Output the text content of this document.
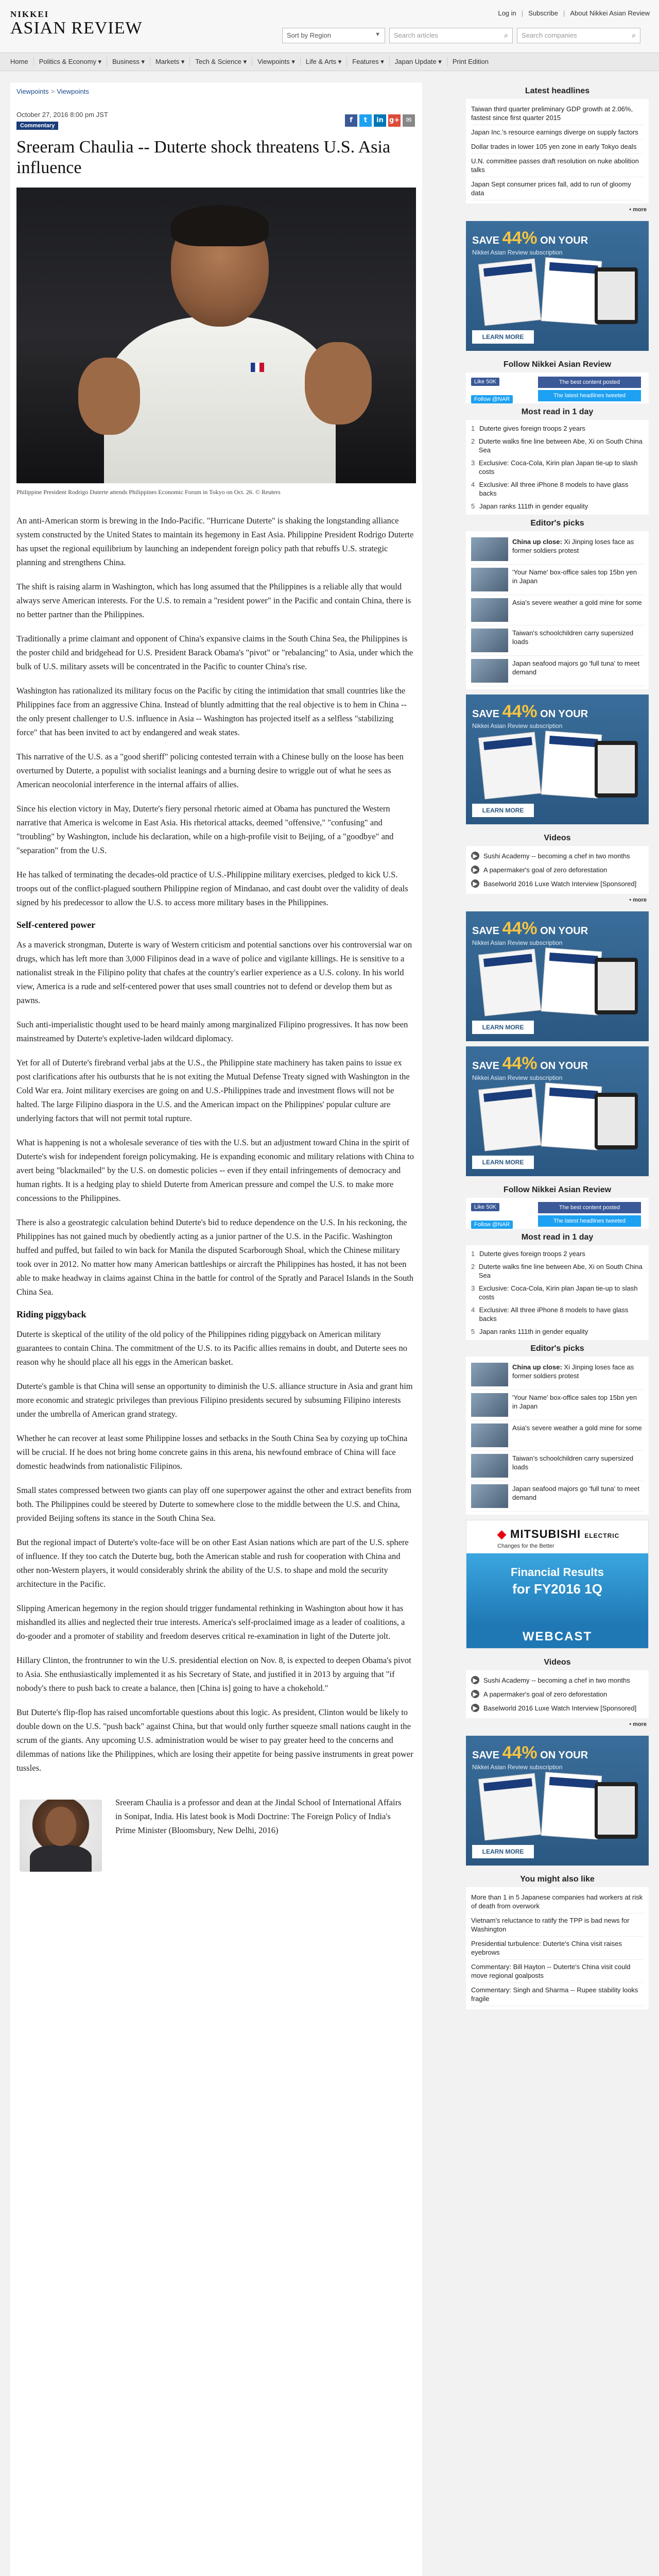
NIKKEI
ASIAN REVIEW
Log in | Subscribe | About Nikkei Asian Review
Sort by Region	▼	Search articles	⌕	Search companies	⌕
Home	Politics & Economy ▾	Business ▾	Markets ▾	Tech & Science ▾	Viewpoints ▾	Life & Arts ▾	Features ▾	Japan Update ▾	Print Edition
Viewpoints > Viewpoints
f	t	in g+ ✉
October 27, 2016 8:00 pm JST
Commentary
Sreeram Chaulia -- Duterte shock threatens U.S. Asia influence
Philippine President Rodrigo Duterte attends Philippines Economic Forum in Tokyo on Oct. 26. © Reuters

An anti-American storm is brewing in the Indo-Pacific. "Hurricane Duterte" is shaking the longstanding alliance system constructed by the United States to maintain its hegemony in East Asia. Philippine President Rodrigo Duterte has upset the regional equilibrium by launching an independent foreign policy path that rebuffs U.S. strategic planning and strengthens China.

The shift is raising alarm in Washington, which has long assumed that the Philippines is a reliable ally that would always serve American interests. For the U.S. to remain a "resident power" in the Pacific and contain China, there is no better partner than the Philippines.

Traditionally a prime claimant and opponent of China's expansive claims in the South China Sea, the Philippines is the poster child and bridgehead for U.S. President Barack Obama's "pivot" or "rebalancing" to Asia, under which the bulk of U.S. military assets will be concentrated in the Pacific to counter China's rise.

Washington has rationalized its military focus on the Pacific by citing the intimidation that small countries like the Philippines face from an aggressive China. Instead of bluntly admitting that the real objective is to hem in China -- the only present challenger to U.S. influence in Asia -- Washington has projected itself as a selfless "stabilizing force" that has been invited to act by endangered and weak states.

This narrative of the U.S. as a "good sheriff" policing contested terrain with a Chinese bully on the loose has been overturned by Duterte, a populist with socialist leanings and a burning desire to wriggle out of what he sees as American neocolonial interference in the internal affairs of allies.

Since his election victory in May, Duterte's fiery personal rhetoric aimed at Obama has punctured the Western narrative that America is welcome in East Asia. His rhetorical attacks, deemed "offensive," "confusing" and "troubling" by Washington, include his declaration, while on a high-profile visit to Beijing, of a "goodbye" and "separation" from the U.S.

He has talked of terminating the decades-old practice of U.S.-Philippine military exercises, pledged to kick U.S. troops out of the conflict-plagued southern Philippine region of Mindanao, and cast doubt over the validity of deals signed by his predecessor to allow the U.S. to access more military bases in the Philippines.

Self-centered power

As a maverick strongman, Duterte is wary of Western criticism and potential sanctions over his controversial war on drugs, which has left more than 3,000 Filipinos dead in a wave of police and vigilante killings. He is sensitive to a nationalist streak in the Filipino polity that chafes at the country's earlier experience as a U.S. colony. In his world view, America is a rude and self-centered power that uses small countries not to defend or develop them but as pawns.

Such anti-imperialistic thought used to be heard mainly among marginalized Filipino progressives. It has now been mainstreamed by Duterte's expletive-laden wildcard diplomacy.

Yet for all of Duterte's firebrand verbal jabs at the U.S., the Philippine state machinery has taken pains to issue ex post clarifications after his outbursts that he is not exiting the Mutual Defense Treaty signed with Washington in the Cold War era. Joint military exercises are going on and U.S.-Philippines trade and investment flows will not be halted. The large Filipino diaspora in the U.S. and the American impact on the Philippines' popular culture are underlying factors that will not permit total rupture.

What is happening is not a wholesale severance of ties with the U.S. but an adjustment toward China in the spirit of Duterte's wish for independent foreign policymaking. He is expanding economic and military relations with China to avert being "blackmailed" by the U.S. on domestic policies -- even if they entail infringements of democracy and human rights. It is a hedging play to shield Duterte from American pressure and compel the U.S. to make more concessions to the Philippines.

There is also a geostrategic calculation behind Duterte's bid to reduce dependence on the U.S. In his reckoning, the Philippines has not gained much by obediently acting as a junior partner of the U.S. in the Pacific. Washington huffed and puffed, but failed to win back for Manila the disputed Scarborough Shoal, which the Chinese military took over in 2012. No matter how many American battleships or aircraft the Philippines has hosted, it has not been able to make headway in claims against China in the battle for control of the Spratly and Paracel Islands in the South China Sea.

Riding piggyback

Duterte is skeptical of the utility of the old policy of the Philippines riding piggyback on American military guarantees to contain China. The commitment of the U.S. to its Pacific allies remains in doubt, and Duterte sees no reason why he should place all his eggs in the American basket.

Duterte's gamble is that China will sense an opportunity to diminish the U.S. alliance structure in Asia and grant him more economic and strategic privileges than previous Filipino presidents secured by subsuming Filipino interests under the umbrella of American grand strategy.

Whether he can recover at least some Philippine losses and setbacks in the South China Sea by cozying up toChina will be crucial. If he does not bring home concrete gains in this arena, his newfound embrace of China will face domestic headwinds from nationalistic Filipinos.

Small states compressed between two giants can play off one superpower against the other and extract benefits from both. The Philippines could be steered by Duterte to somewhere close to the middle between the U.S. and China, provided Beijing softens its stance in the South China Sea.

But the regional impact of Duterte's volte-face will be on other East Asian nations which are part of the U.S. sphere of influence. If they too catch the Duterte bug, both the American stable and rush for cooperation with China and other non-Western players, it would considerably shrink the ability of the U.S. to shape and mold the security architecture in the Pacific.

Slipping American hegemony in the region should trigger fundamental rethinking in Washington about how it has mishandled its allies and neglected their true interests. America's self-proclaimed image as a leader of coalitions, a do-gooder and a promoter of stability and freedom deserves critical re-examination in light of the Duterte jolt.

Hillary Clinton, the frontrunner to win the U.S. presidential election on Nov. 8, is expected to deepen Obama's pivot to Asia. She enthusiastically implemented it as his Secretary of State, and justified it in 2013 by arguing that "if nobody's there to push back to create a balance, then [China is] going to have a chokehold."

But Duterte's flip-flop has raised uncomfortable questions about this logic. As president, Clinton would be likely to double down on the U.S. "push back" against China, but that would only further squeeze small nations caught in the scrum of the giants. Any upcoming U.S. administration would be wiser to pay greater heed to the concerns and dilemmas of nations like the Philippines, which are losing their appetite for being passive instruments in great power tussles.

Sreeram Chaulia is a professor and dean at the Jindal School of International Affairs in Sonipat, India. His latest book is Modi Doctrine: The Foreign Policy of India's Prime Minister (Bloomsbury, New Delhi, 2016)
Latest headlines
Taiwan third quarter preliminary GDP growth at 2.06%, fastest since first quarter 2015
Japan Inc.'s resource earnings diverge on supply factors
Dollar trades in lower 105 yen zone in early Tokyo deals
U.N. committee passes draft resolution on nuke abolition talks
Japan Sept consumer prices fall, add to run of gloomy data
• more
SAVE 44% ON YOUR
Nikkei Asian Review subscription
LEARN MORE
Follow Nikkei Asian Review
Like 50K	The best content posted
Follow @NAR
The latest headlines tweeted
Most read in 1 day
1 Duterte gives foreign troops 2 years
2 Duterte walks fine line between Abe, Xi on South China Sea
3 Exclusive: Coca-Cola, Kirin plan Japan tie-up to slash costs
4 Exclusive: All three iPhone 8 models to have glass backs
5 Japan ranks 111th in gender equality
Editor's picks
China up close: Xi Jinping loses face as former soldiers protest
'Your Name' box-office sales top 15bn yen in Japan
Asia's severe weather a gold mine for some
Taiwan's schoolchildren carry supersized loads
Japan seafood majors go 'full tuna' to meet demand
SAVE 44% ON YOUR
Nikkei Asian Review subscription
LEARN MORE
Videos
▶ Sushi Academy -- becoming a chef in two months
▶ A papermaker's goal of zero deforestation
▶ Baselworld 2016 Luxe Watch Interview [Sponsored]
• more
SAVE 44% ON YOUR
Nikkei Asian Review subscription
LEARN MORE
SAVE 44% ON YOUR
Nikkei Asian Review subscription
LEARN MORE
Follow Nikkei Asian Review
Like 50K	The best content posted
Follow @NAR
The latest headlines tweeted
Most read in 1 day
1 Duterte gives foreign troops 2 years
2 Duterte walks fine line between Abe, Xi on South China Sea
3 Exclusive: Coca-Cola, Kirin plan Japan tie-up to slash costs
4 Exclusive: All three iPhone 8 models to have glass backs
5 Japan ranks 111th in gender equality
Editor's picks
China up close: Xi Jinping loses face as former soldiers protest
'Your Name' box-office sales top 15bn yen in Japan
Asia's severe weather a gold mine for some
Taiwan's schoolchildren carry supersized loads
Japan seafood majors go 'full tuna' to meet demand
◆ MITSUBISHI ELECTRIC
Changes for the Better
Financial Results
for FY2016 1Q
WEBCAST
Videos
▶ Sushi Academy -- becoming a chef in two months
▶ A papermaker's goal of zero deforestation
▶ Baselworld 2016 Luxe Watch Interview [Sponsored]
• more
SAVE 44% ON YOUR
Nikkei Asian Review subscription
LEARN MORE
You might also like
More than 1 in 5 Japanese companies had workers at risk of death from overwork
Vietnam's reluctance to ratify the TPP is bad news for Washington
Presidential turbulence: Duterte's China visit raises eyebrows
Commentary: Bill Hayton -- Duterte's China visit could move regional goalposts
Commentary: Singh and Sharma -- Rupee stability looks fragile
